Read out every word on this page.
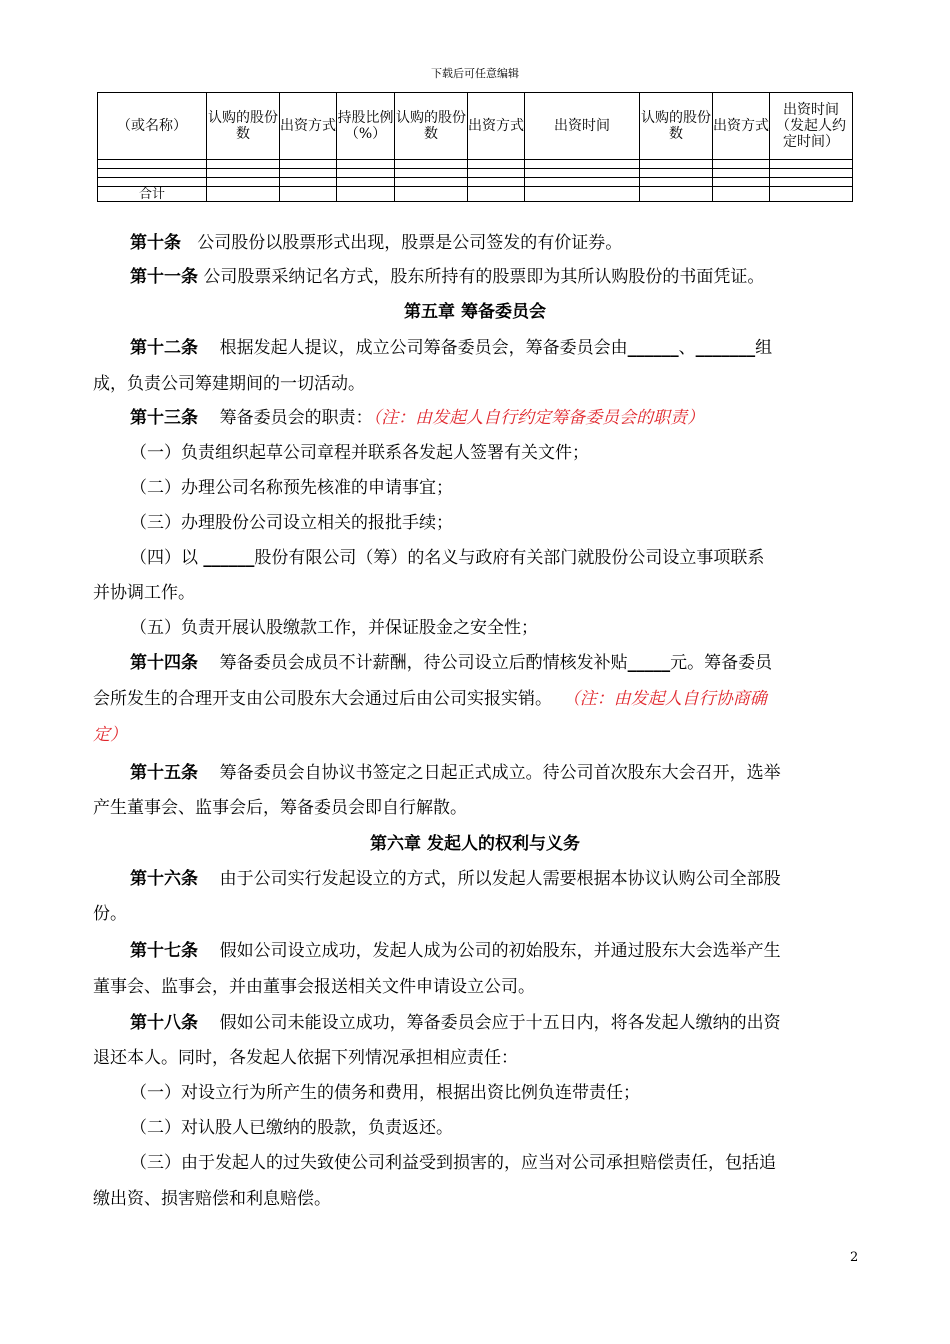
下载后可任意编辑
（或名称）	认购的股份数	出资方式	持股比例（%）	认购的股份数	出资方式	出资时间	认购的股份数	出资方式	出资时间（发起人约定时间）

合计									
第十条 公司股份以股票形式出现，股票是公司签发的有价证券。
第十一条 公司股票采纳记名方式，股东所持有的股票即为其所认购股份的书面凭证。
第五章 筹备委员会
第十二条 根据发起人提议，成立公司筹备委员会，筹备委员会由______、_______组
成，负责公司筹建期间的一切活动。
第十三条 筹备委员会的职责：（注：由发起人自行约定筹备委员会的职责）
（一）负责组织起草公司章程并联系各发起人签署有关文件；
（二）办理公司名称预先核准的申请事宜；
（三）办理股份公司设立相关的报批手续；
（四）以 ______股份有限公司（筹）的名义与政府有关部门就股份公司设立事项联系
并协调工作。
（五）负责开展认股缴款工作，并保证股金之安全性；
第十四条 筹备委员会成员不计薪酬，待公司设立后酌情核发补贴_____元。筹备委员
会所发生的合理开支由公司股东大会通过后由公司实报实销。 （注：由发起人自行协商确
定）
第十五条 筹备委员会自协议书签定之日起正式成立。待公司首次股东大会召开，选举
产生董事会、监事会后，筹备委员会即自行解散。
第六章 发起人的权利与义务
第十六条 由于公司实行发起设立的方式，所以发起人需要根据本协议认购公司全部股
份。
第十七条 假如公司设立成功，发起人成为公司的初始股东，并通过股东大会选举产生
董事会、监事会，并由董事会报送相关文件申请设立公司。
第十八条 假如公司未能设立成功，筹备委员会应于十五日内，将各发起人缴纳的出资
退还本人。同时，各发起人依据下列情况承担相应责任：
（一）对设立行为所产生的债务和费用，根据出资比例负连带责任；
（二）对认股人已缴纳的股款，负责返还。
（三）由于发起人的过失致使公司利益受到损害的，应当对公司承担赔偿责任，包括追
缴出资、损害赔偿和利息赔偿。
2
